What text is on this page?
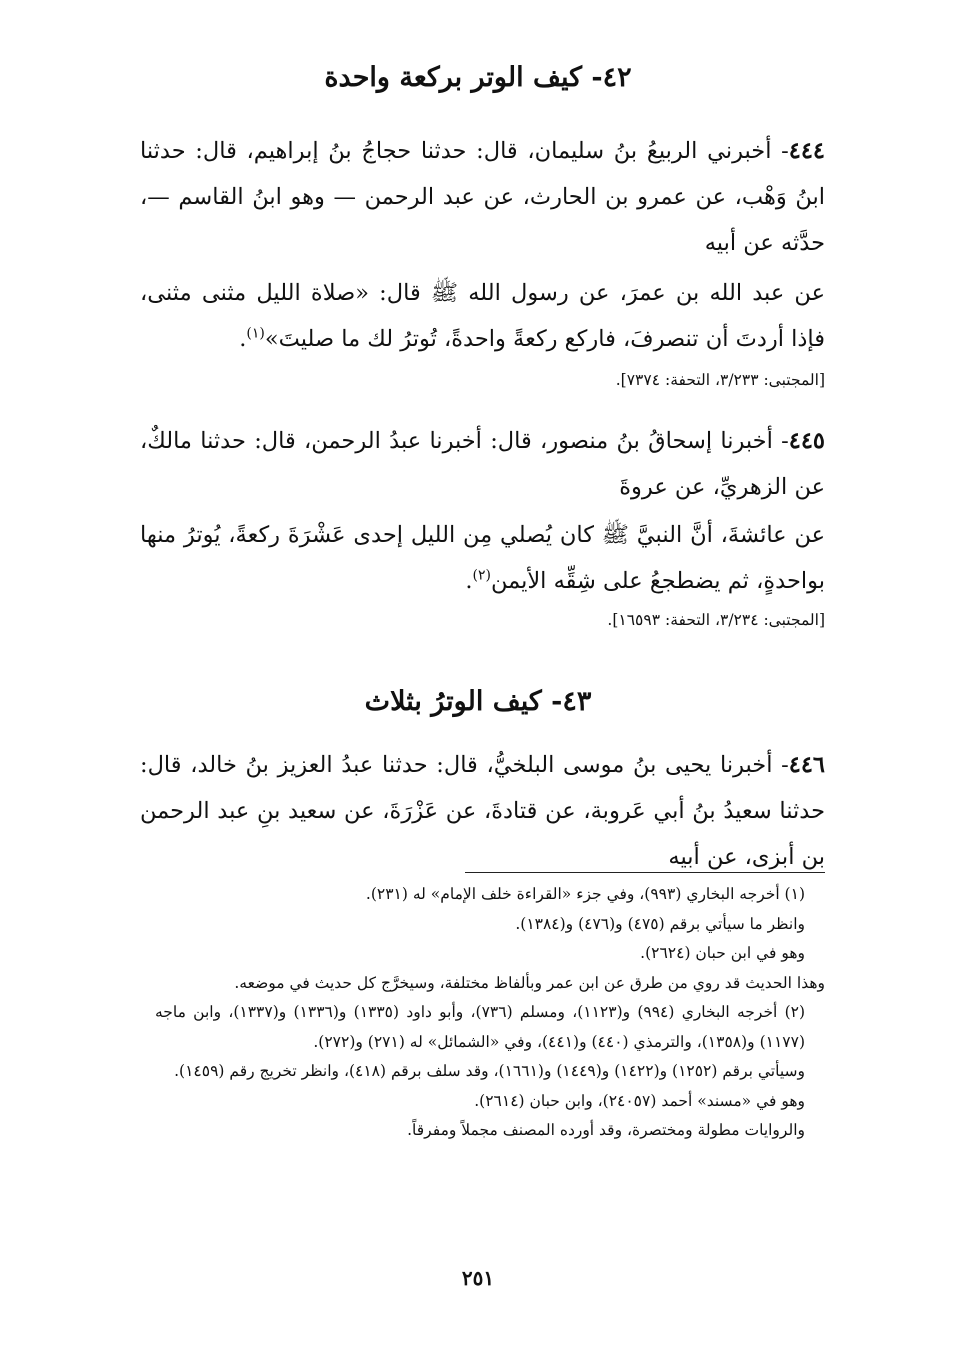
٤٢- كيف الوتر بركعة واحدة
٤٤٤- أخبرني الربيعُ بنُ سليمان، قال: حدثنا حجاجُ بنُ إبراهيم، قال: حدثنا ابنُ وَهْب، عن عمرو بن الحارث، عن عبد الرحمن — وهو ابنُ القاسم —، حدَّثه عن أبيه
عن عبد الله بن عمرَ، عن رسول الله ﷺ قال: «صلاة الليل مثنى مثنى، فإذا أردتَ أن تنصرفَ، فاركع ركعةً واحدةً، تُوترُ لك ما صليتَ»$^{(١)}$.
[المجتبى: ٣/٢٣٣، التحفة: ٧٣٧٤].
٤٤٥- أخبرنا إسحاقُ بنُ منصور، قال: أخبرنا عبدُ الرحمن، قال: حدثنا مالكٌ، عن الزهريِّ، عن عروةَ
عن عائشةَ، أنَّ النبيَّ ﷺ كان يُصلي مِن الليل إحدى عَشْرَةَ ركعةً، يُوترُ منها بواحدةٍ، ثم يضطجعُ على شِقِّه الأيمن$^{(٢)}$.
[المجتبى: ٣/٢٣٤، التحفة: ١٦٥٩٣].
٤٣- كيف الوترُ بثلاث
٤٤٦- أخبرنا يحيى بنُ موسى البلخيُّ، قال: حدثنا عبدُ العزيز بنُ خالد، قال: حدثنا سعيدُ بنُ أبي عَروبة، عن قتادةَ، عن عَزْرَةَ، عن سعيد بنِ عبد الرحمن بن أبزى، عن أبيه
(١) أخرجه البخاري (٩٩٣)، وفي جزء «القراءة خلف الإمام» له (٢٣١).
وانظر ما سيأتي برقم (٤٧٥) و(٤٧٦) و(١٣٨٤).
وهو في ابن حبان (٢٦٢٤).
وهذا الحديث قد روي من طرق عن ابن عمر وبألفاظ مختلفة، وسيخرَّج كل حديث في موضعه.
(٢) أخرجه البخاري (٩٩٤) و(١١٢٣)، ومسلم (٧٣٦)، وأبو داود (١٣٣٥) و(١٣٣٦) و(١٣٣٧)، وابن ماجه (١١٧٧) و(١٣٥٨)، والترمذي (٤٤٠) و(٤٤١)، وفي «الشمائل» له (٢٧١) و(٢٧٢).
وسيأتي برقم (١٢٥٢) و(١٤٢٢) و(١٤٤٩) و(١٦٦١)، وقد سلف برقم (٤١٨)، وانظر تخريج رقم (١٤٥٩).
وهو في «مسند» أحمد (٢٤٠٥٧)، وابن حبان (٢٦١٤).
والروايات مطولة ومختصرة، وقد أورده المصنف مجملاً ومفرقاً.
٢٥١
